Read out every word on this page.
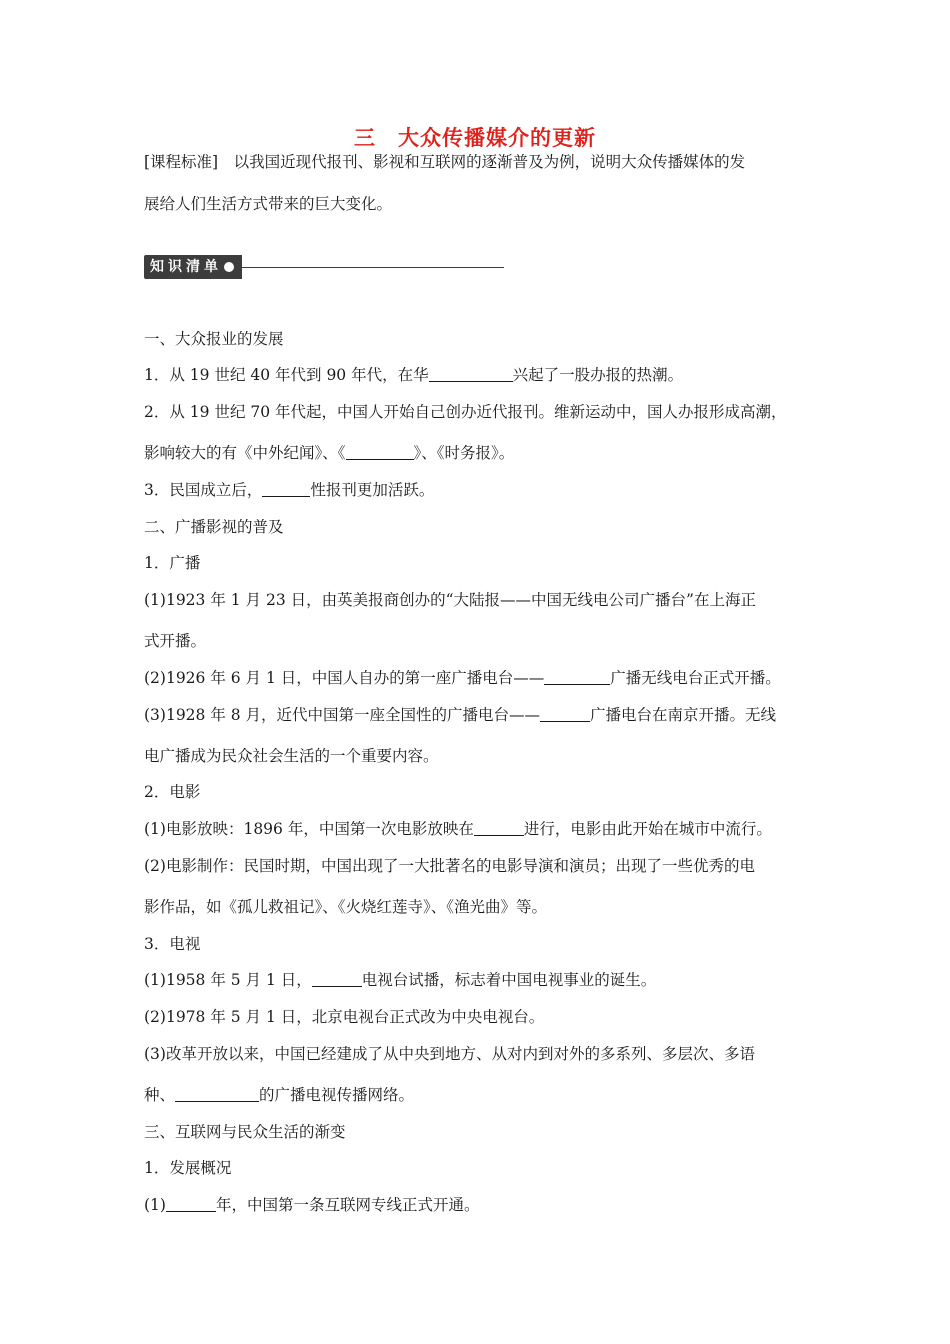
三　大众传播媒介的更新
[课程标准]　以我国近现代报刊、影视和互联网的逐渐普及为例，说明大众传播媒体的发
展给人们生活方式带来的巨大变化。
知识清单
一、大众报业的发展
1．从 19 世纪 40 年代到 90 年代，在华	兴起了一股办报的热潮。
2．从 19 世纪 70 年代起，中国人开始自己创办近代报刊。维新运动中，国人办报形成高潮，
影响较大的有《中外纪闻》、《	》、《时务报》。
3．民国成立后，	性报刊更加活跃。
二、广播影视的普及
1．广播
(1)1923 年 1 月 23 日，由英美报商创办的“大陆报——中国无线电公司广播台”在上海正
式开播。
(2)1926 年 6 月 1 日，中国人自办的第一座广播电台——	广播无线电台正式开播。
(3)1928 年 8 月，近代中国第一座全国性的广播电台——	广播电台在南京开播。无线
电广播成为民众社会生活的一个重要内容。
2．电影
(1)电影放映：1896 年，中国第一次电影放映在	进行，电影由此开始在城市中流行。
(2)电影制作：民国时期，中国出现了一大批著名的电影导演和演员；出现了一些优秀的电
影作品，如《孤儿救祖记》、《火烧红莲寺》、《渔光曲》等。
3．电视
(1)1958 年 5 月 1 日，	电视台试播，标志着中国电视事业的诞生。
(2)1978 年 5 月 1 日，北京电视台正式改为中央电视台。
(3)改革开放以来，中国已经建成了从中央到地方、从对内到对外的多系列、多层次、多语
种、	的广播电视传播网络。
三、互联网与民众生活的渐变
1．发展概况
(1)	年，中国第一条互联网专线正式开通。
